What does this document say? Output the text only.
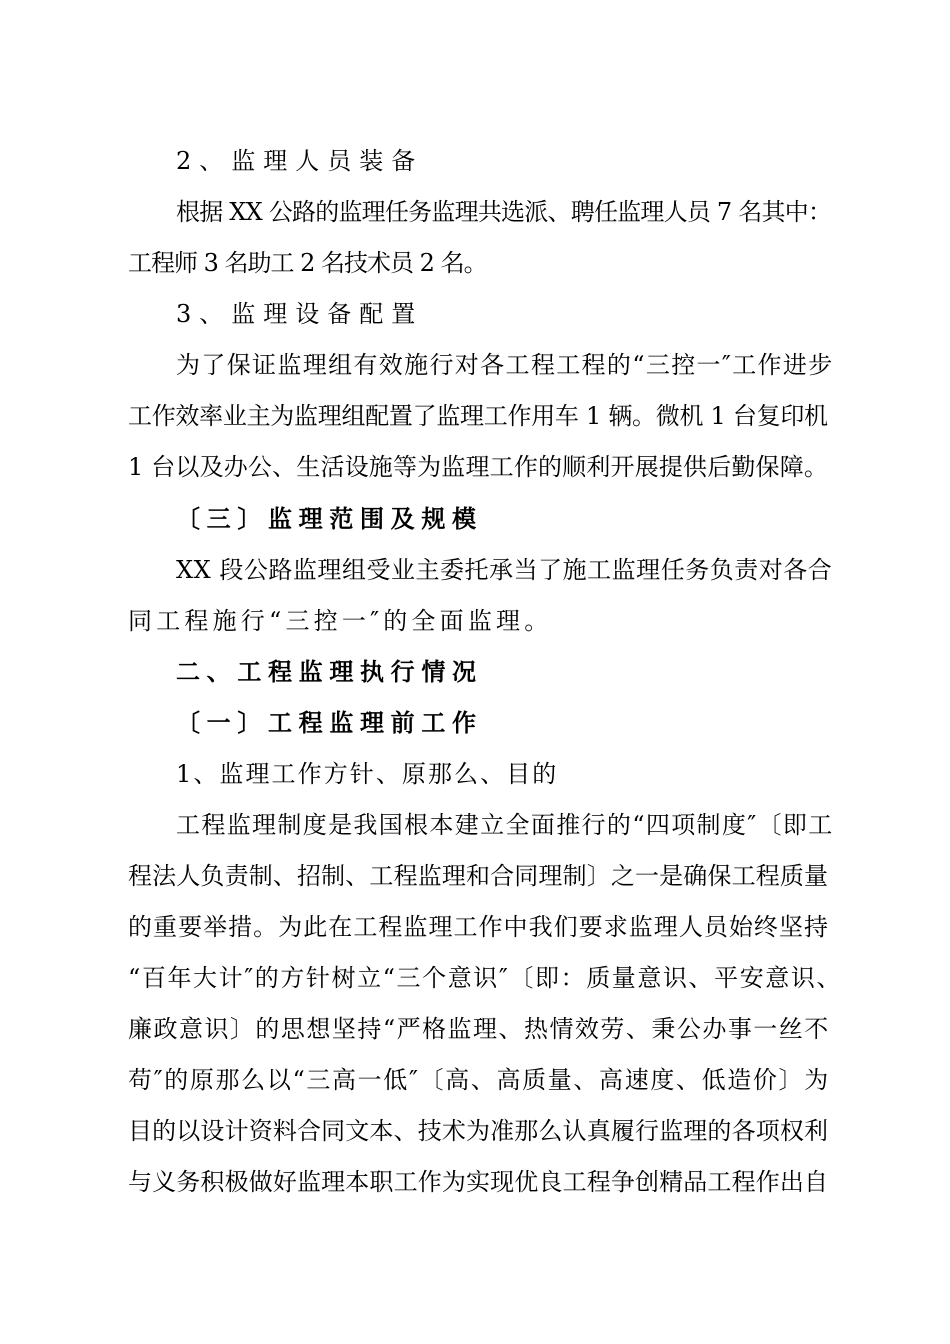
2、监理人员装备
根据 XX 公路的监理任务监理共选派、聘任监理人员 7 名其中：
工程师 3 名助工 2 名技术员 2 名。
3、监理设备配置
为了保证监理组有效施行对各工程工程的“三控一″工作进步
工作效率业主为监理组配置了监理工作用车 1 辆。微机 1 台复印机
1 台以及办公、生活设施等为监理工作的顺利开展提供后勤保障。
〔三〕监理范围及规模
XX 段公路监理组受业主委托承当了施工监理任务负责对各合
同工程施行“三控一″的全面监理。
二、工程监理执行情况
〔一〕工程监理前工作
1、监理工作方针、原那么、目的
工程监理制度是我国根本建立全面推行的“四项制度″〔即工
程法人负责制、招制、工程监理和合同理制〕之一是确保工程质量
的重要举措。为此在工程监理工作中我们要求监理人员始终坚持
“百年大计″的方针树立“三个意识″〔即：质量意识、平安意识、
廉政意识〕的思想坚持“严格监理、热情效劳、秉公办事一丝不
苟″的原那么以“三高一低″〔高、高质量、高速度、低造价〕为
目的以设计资料合同文本、技术为准那么认真履行监理的各项权利
与义务积极做好监理本职工作为实现优良工程争创精品工程作出自
